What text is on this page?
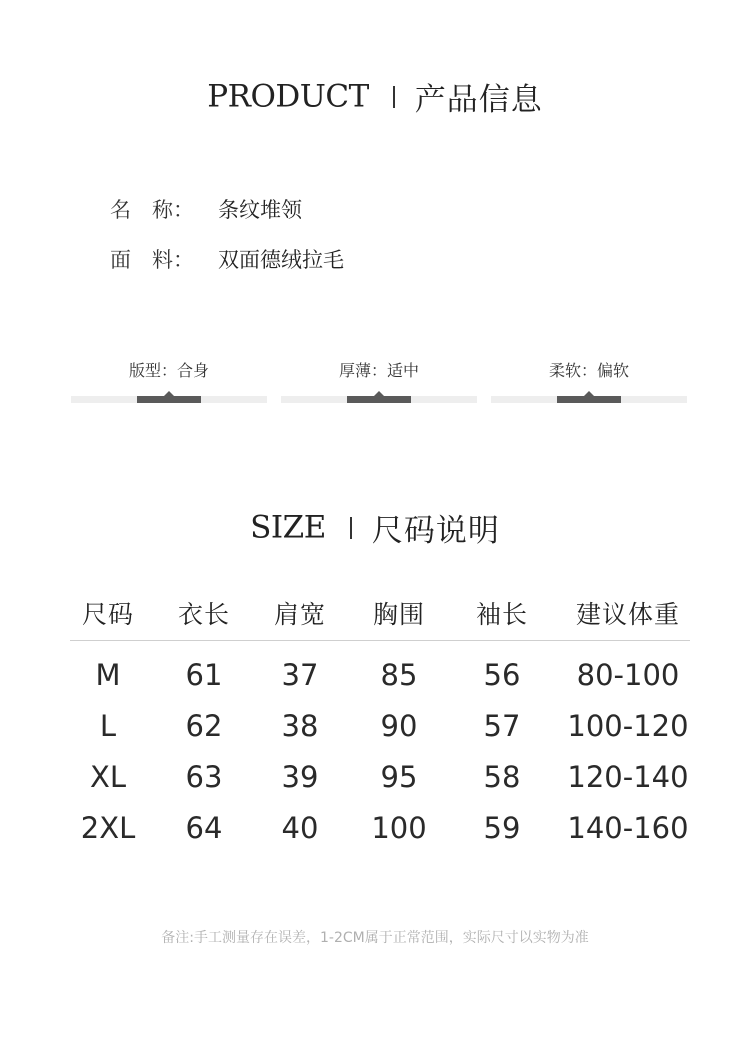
PRODUCT 产品信息
名　称： 条纹堆领
面　料： 双面德绒拉毛
版型：合身	厚薄：适中	柔软：偏软
SIZE 尺码说明
尺码	衣长	肩宽	胸围	袖长	建议体重
M	61	37	85	56	80-100
L	62	38	90	57	100-120
XL	63	39	95	58	120-140
2XL	64	40	100	59	140-160
备注:手工测量存在误差，1-2CM属于正常范围，实际尺寸以实物为准
